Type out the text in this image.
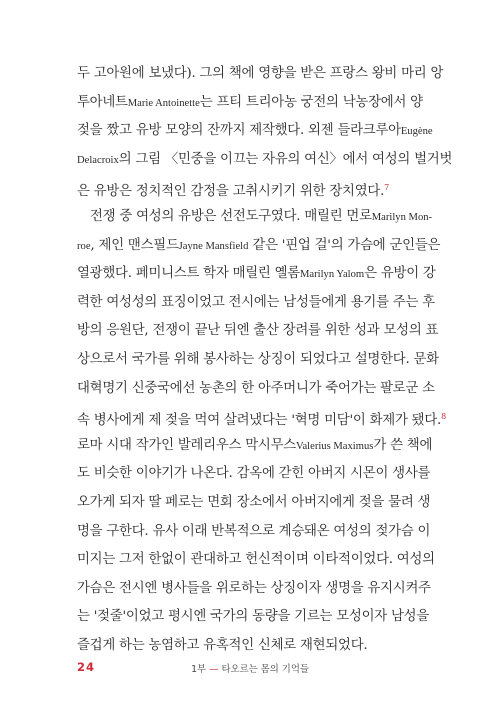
두 고아원에 보냈다). 그의 책에 영향을 받은 프랑스 왕비 마리 앙
투아네트Marie Antoinette는 프티 트리아농 궁전의 낙농장에서 양
젖을 짰고 유방 모양의 잔까지 제작했다. 외젠 들라크루아Eugène
Delacroix의 그림 〈민중을 이끄는 자유의 여신〉에서 여성의 벌거벗
은 유방은 정치적인 감정을 고취시키기 위한 장치였다.$^7$
전쟁 중 여성의 유방은 선전도구였다. 매릴린 먼로Marilyn Mon-
roe, 제인 맨스필드Jayne Mansfield 같은 '핀업 걸'의 가슴에 군인들은
열광했다. 페미니스트 학자 매릴린 옐롬Marilyn Yalom은 유방이 강
력한 여성성의 표징이었고 전시에는 남성들에게 용기를 주는 후
방의 응원단, 전쟁이 끝난 뒤엔 출산 장려를 위한 성과 모성의 표
상으로서 국가를 위해 봉사하는 상징이 되었다고 설명한다. 문화
대혁명기 신중국에선 농촌의 한 아주머니가 죽어가는 팔로군 소
속 병사에게 제 젖을 먹여 살려냈다는 '혁명 미담'이 화제가 됐다.$^8$
로마 시대 작가인 발레리우스 막시무스Valerius Maximus가 쓴 책에
도 비슷한 이야기가 나온다. 감옥에 갇힌 아버지 시몬이 생사를
오가게 되자 딸 페로는 면회 장소에서 아버지에게 젖을 물려 생
명을 구한다. 유사 이래 반복적으로 계승돼온 여성의 젖가슴 이
미지는 그저 한없이 관대하고 헌신적이며 이타적이었다. 여성의
가슴은 전시엔 병사들을 위로하는 상징이자 생명을 유지시켜주
는 '젖줄'이었고 평시엔 국가의 동량을 기르는 모성이자 남성을
즐겁게 하는 농염하고 유혹적인 신체로 재현되었다.
24	1부 — 타오르는 몸의 기억들
